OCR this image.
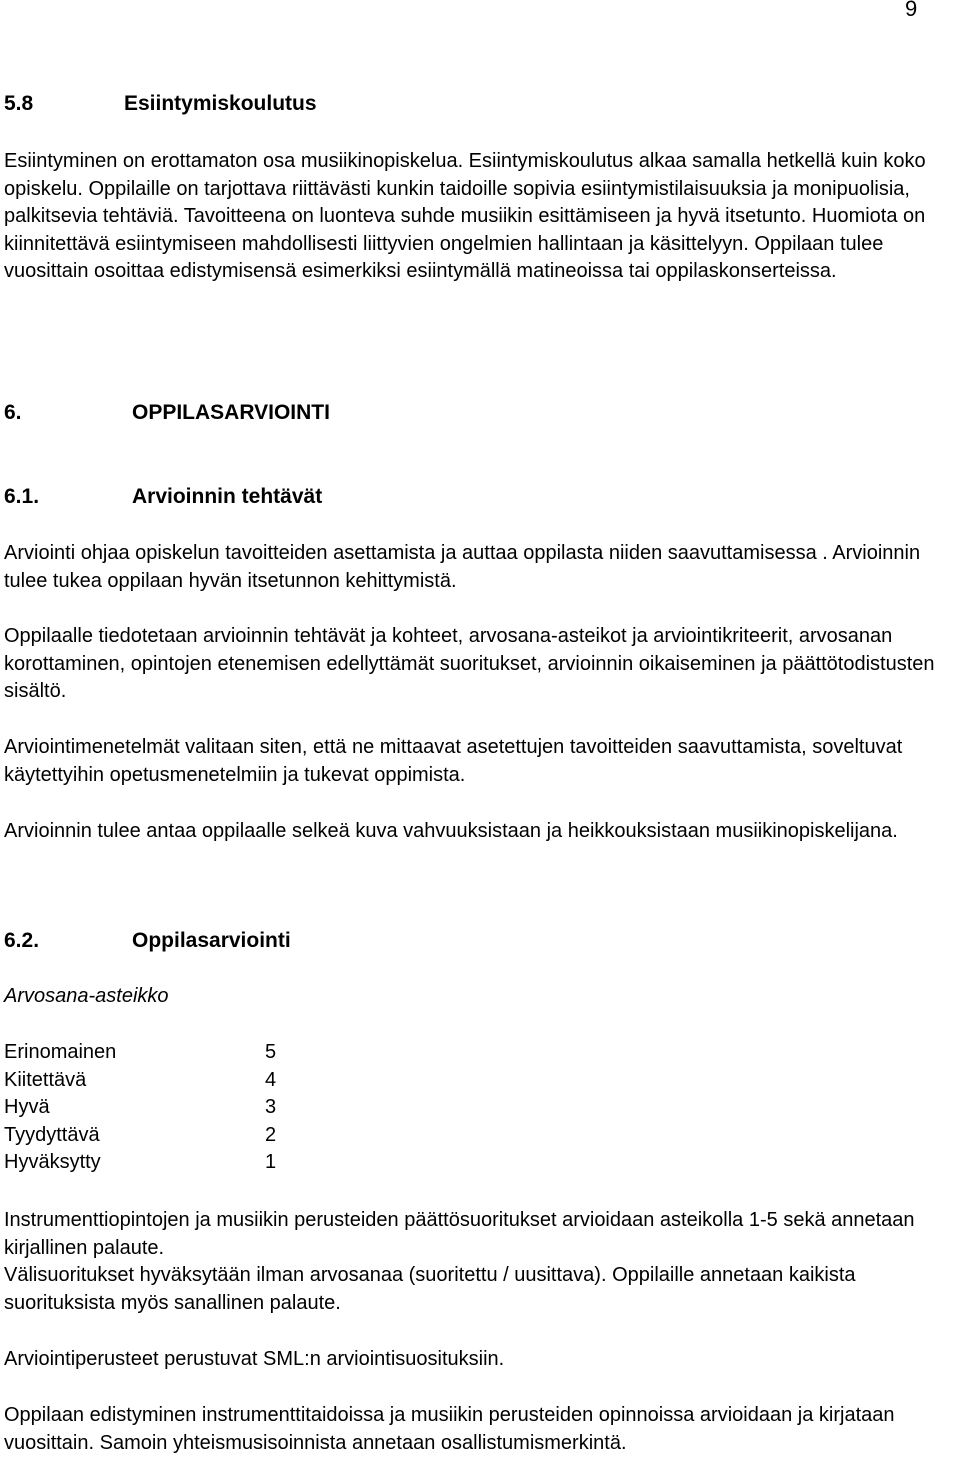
9
5.8	Esiintymiskoulutus

Esiintyminen on erottamaton osa musiikinopiskelua. Esiintymiskoulutus alkaa samalla hetkellä kuin koko opiskelu. Oppilaille on tarjottava riittävästi kunkin taidoille sopivia esiintymistilaisuuksia ja monipuolisia, palkitsevia tehtäviä. Tavoitteena on luonteva suhde musiikin esittämiseen ja hyvä itsetunto. Huomiota on kiinnitettävä esiintymiseen mahdollisesti liittyvien ongelmien hallintaan ja käsittelyyn. Oppilaan tulee vuosittain osoittaa edistymisensä esimerkiksi esiintymällä matineoissa tai oppilaskonserteissa.

6.	OPPILASARVIOINTI
6.1.	Arvioinnin tehtävät

Arviointi ohjaa opiskelun tavoitteiden asettamista ja auttaa oppilasta niiden saavuttamisessa . Arvioinnin tulee tukea oppilaan hyvän itsetunnon kehittymistä.

Oppilaalle tiedotetaan arvioinnin tehtävät ja kohteet, arvosana-asteikot ja arviointikriteerit, arvosanan korottaminen, opintojen etenemisen edellyttämät suoritukset, arvioinnin oikaiseminen ja päättötodistusten sisältö.

Arviointimenetelmät valitaan siten, että ne mittaavat asetettujen tavoitteiden saavuttamista, soveltuvat käytettyihin opetusmenetelmiin ja tukevat oppimista.

Arvioinnin tulee antaa oppilaalle selkeä kuva vahvuuksistaan ja heikkouksistaan musiikinopiskelijana.

6.2.	Oppilasarviointi
Arvosana-asteikko
Erinomainen	5
Kiitettävä	4
Hyvä	3
Tyydyttävä	2
Hyväksytty	1

Instrumenttiopintojen ja musiikin perusteiden päättösuoritukset arvioidaan asteikolla 1-5 sekä annetaan kirjallinen palaute.

Välisuoritukset hyväksytään ilman arvosanaa (suoritettu / uusittava). Oppilaille annetaan kaikista suorituksista myös sanallinen palaute.

Arviointiperusteet perustuvat SML:n arviointisuosituksiin.

Oppilaan edistyminen instrumenttitaidoissa ja musiikin perusteiden opinnoissa arvioidaan ja kirjataan vuosittain. Samoin yhteismusisoinnista annetaan osallistumismerkintä.
